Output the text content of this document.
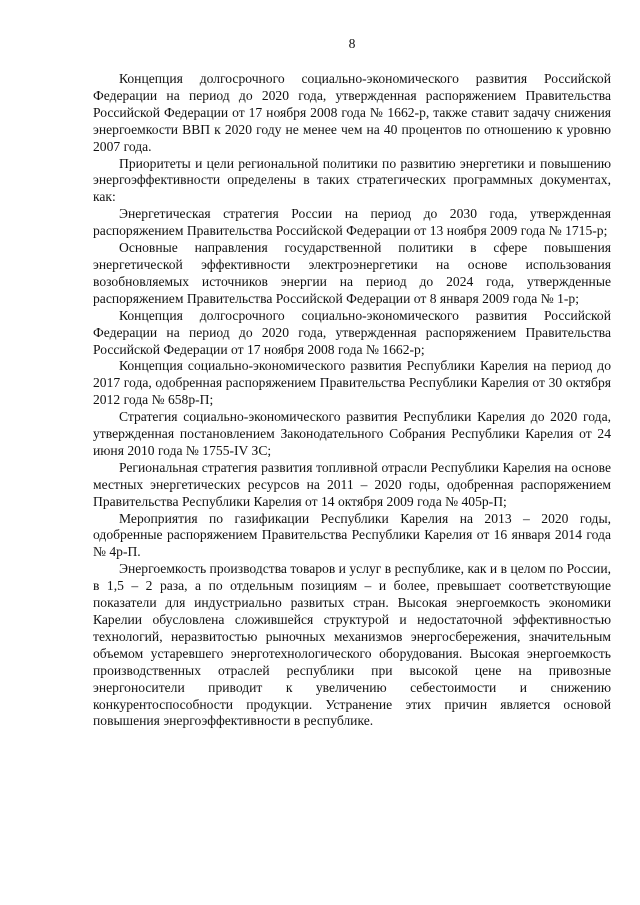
8

Концепция долгосрочного социально-экономического развития Российской Федерации на период до 2020 года, утвержденная распоряжением Правительства Российской Федерации от 17 ноября 2008 года № 1662-р, также ставит задачу снижения энергоемкости ВВП к 2020 году не менее чем на 40 процентов по отношению к уровню 2007 года.

Приоритеты и цели региональной политики по развитию энергетики и повышению энергоэффективности определены в таких стратегических программных документах, как:

Энергетическая стратегия России на период до 2030 года, утвержденная распоряжением Правительства Российской Федерации от 13 ноября 2009 года № 1715-р;

Основные направления государственной политики в сфере повышения энергетической эффективности электроэнергетики на основе использования возобновляемых источников энергии на период до 2024 года, утвержденные распоряжением Правительства Российской Федерации от 8 января 2009 года № 1-р;

Концепция долгосрочного социально-экономического развития Российской Федерации на период до 2020 года, утвержденная распоряжением Правительства Российской Федерации от 17 ноября 2008 года № 1662-р;

Концепция социально-экономического развития Республики Карелия на период до 2017 года, одобренная распоряжением Правительства Республики Карелия от 30 октября 2012 года № 658р-П;

Стратегия социально-экономического развития Республики Карелия до 2020 года, утвержденная постановлением Законодательного Собрания Республики Карелия от 24 июня 2010 года № 1755-IV ЗС;

Региональная стратегия развития топливной отрасли Республики Карелия на основе местных энергетических ресурсов на 2011 – 2020 годы, одобренная распоряжением Правительства Республики Карелия от 14 октября 2009 года № 405р-П;

Мероприятия по газификации Республики Карелия на 2013 – 2020 годы, одобренные распоряжением Правительства Республики Карелия от 16 января 2014 года № 4р-П.

Энергоемкость производства товаров и услуг в республике, как и в целом по России, в 1,5 – 2 раза, а по отдельным позициям – и более, превышает соответствующие показатели для индустриально развитых стран. Высокая энергоемкость экономики Карелии обусловлена сложившейся структурой и недостаточной эффективностью технологий, неразвитостью рыночных механизмов энергосбережения, значительным объемом устаревшего энерготехнологического оборудования. Высокая энергоемкость производственных отраслей республики при высокой цене на привозные энергоносители приводит к увеличению себестоимости и снижению конкурентоспособности продукции. Устранение этих причин является основой повышения энергоэффективности в республике.
